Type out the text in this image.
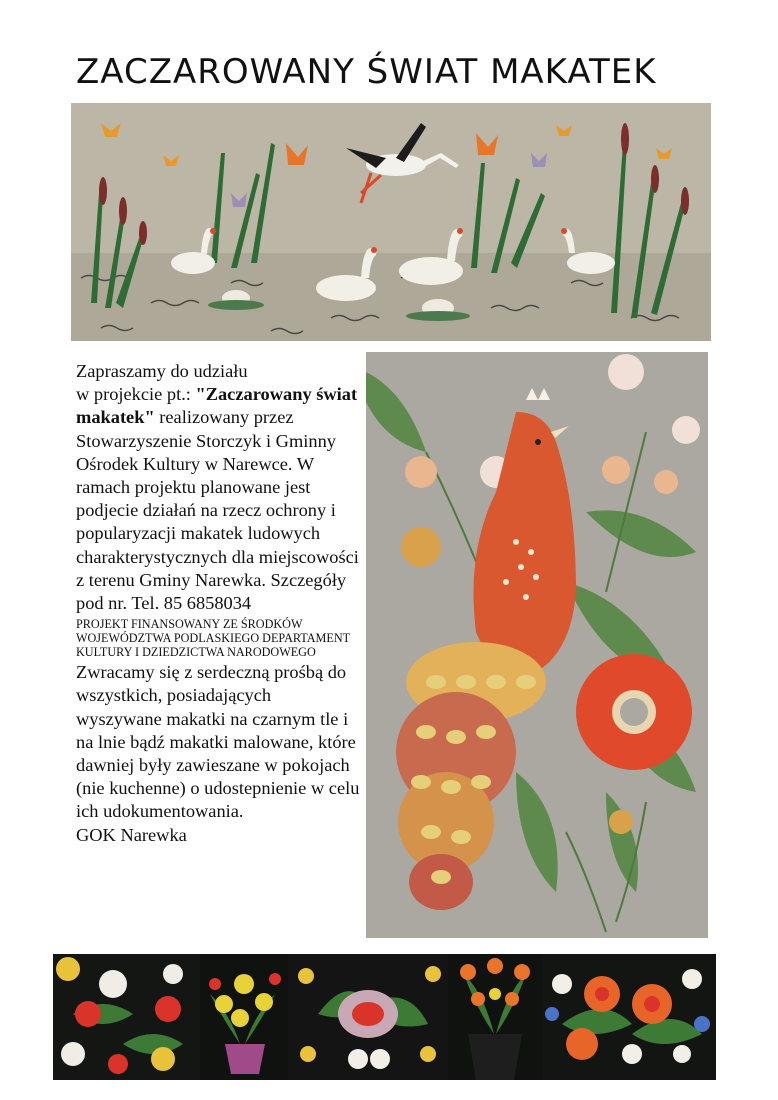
ZACZAROWANY ŚWIAT MAKATEK

Zapraszamy do udziału
w projekcie pt.: "Zaczarowany świat makatek" realizowany przez Stowarzyszenie Storczyk i Gminny Ośrodek Kultury w Narewce. W ramach projektu planowane jest podjecie działań na rzecz ochrony i popularyzacji makatek ludowych charakterystycznych dla miejscowości z terenu Gminy Narewka. Szczegóły pod nr. Tel. 85 6858034

PROJEKT FINANSOWANY ZE ŚRODKÓW WOJEWÓDZTWA PODLASKIEGO DEPARTAMENT KULTURY I DZIEDZICTWA NARODOWEGO

Zwracamy się z serdeczną prośbą do wszystkich, posiadających wyszywane makatki na czarnym tle i na lnie bądź makatki malowane, które dawniej były zawieszane w pokojach (nie kuchenne) o udostepnienie w celu ich udokumentowania.

GOK Narewka
